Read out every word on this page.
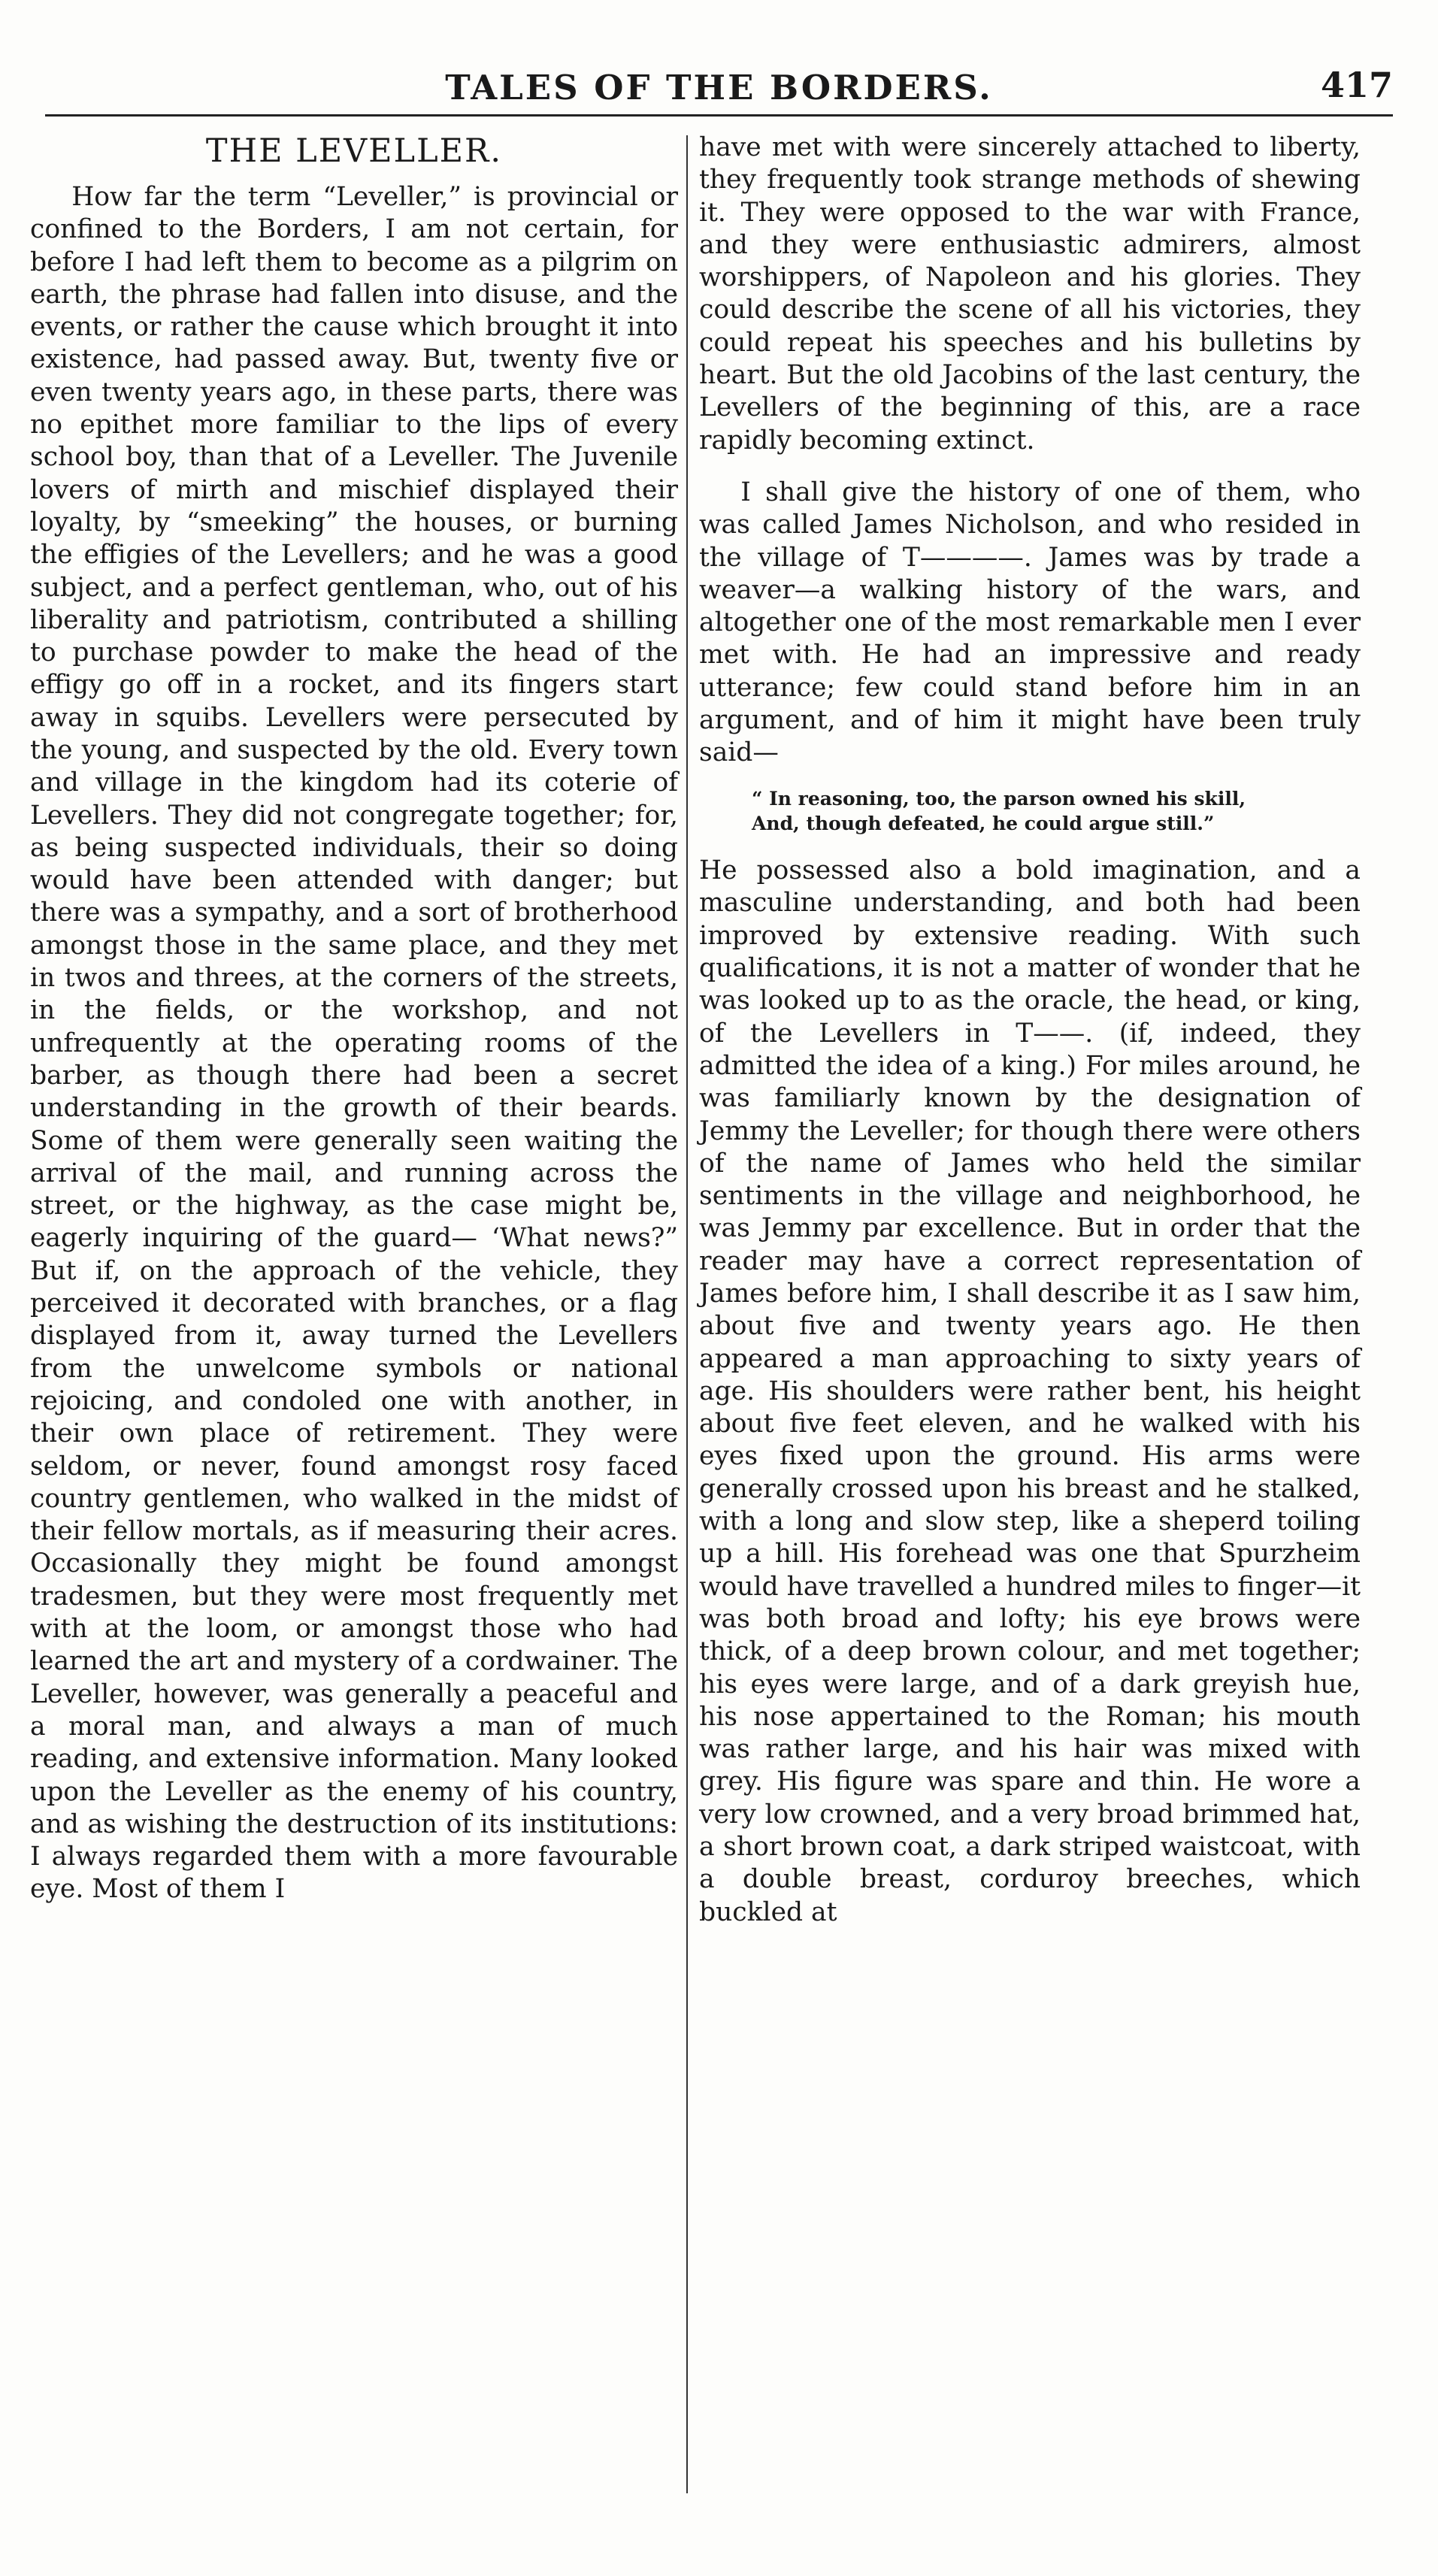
TALES OF THE BORDERS.	417
THE LEVELLER.

How far the term “Leveller,” is provincial or confined to the Borders, I am not certain, for before I had left them to become as a pilgrim on earth, the phrase had fallen into disuse, and the events, or rather the cause which brought it into existence, had passed away. But, twenty five or even twenty years ago, in these parts, there was no epithet more familiar to the lips of every school boy, than that of a Leveller. The Juvenile lovers of mirth and mischief displayed their loyalty, by “smeeking” the houses, or burning the effigies of the Levellers; and he was a good subject, and a perfect gentleman, who, out of his liberality and patriotism, contributed a shilling to purchase powder to make the head of the effigy go off in a rocket, and its fingers start away in squibs. Levellers were persecuted by the young, and suspected by the old. Every town and village in the kingdom had its coterie of Levellers. They did not congregate together; for, as being suspected individuals, their so doing would have been attended with danger; but there was a sympathy, and a sort of brotherhood amongst those in the same place, and they met in twos and threes, at the corners of the streets, in the fields, or the workshop, and not unfrequently at the operating rooms of the barber, as though there had been a secret understanding in the growth of their beards. Some of them were generally seen waiting the arrival of the mail, and running across the street, or the highway, as the case might be, eagerly inquiring of the guard— ‘What news?” But if, on the approach of the vehicle, they perceived it decorated with branches, or a flag displayed from it, away turned the Levellers from the unwelcome symbols or national rejoicing, and condoled one with another, in their own place of retirement. They were seldom, or never, found amongst rosy faced country gentlemen, who walked in the midst of their fellow mortals, as if measuring their acres. Occasionally they might be found amongst tradesmen, but they were most frequently met with at the loom, or amongst those who had learned the art and mystery of a cordwainer. The Leveller, however, was generally a peaceful and a moral man, and always a man of much reading, and extensive information. Many looked upon the Leveller as the enemy of his country, and as wishing the destruction of its institutions: I always regarded them with a more favourable eye. Most of them I

have met with were sincerely attached to liberty, they frequently took strange methods of shewing it. They were opposed to the war with France, and they were enthusiastic admirers, almost worshippers, of Napoleon and his glories. They could describe the scene of all his victories, they could repeat his speeches and his bulletins by heart. But the old Jacobins of the last century, the Levellers of the beginning of this, are a race rapidly becoming extinct.

I shall give the history of one of them, who was called James Nicholson, and who resided in the village of T————. James was by trade a weaver—a walking history of the wars, and altogether one of the most remarkable men I ever met with. He had an impressive and ready utterance; few could stand before him in an argument, and of him it might have been truly said—

“ In reasoning, too, the parson owned his skill,
And, though defeated, he could argue still.”

He possessed also a bold imagination, and a masculine understanding, and both had been improved by extensive reading. With such qualifications, it is not a matter of wonder that he was looked up to as the oracle, the head, or king, of the Levellers in T——. (if, indeed, they admitted the idea of a king.) For miles around, he was familiarly known by the designation of Jemmy the Leveller; for though there were others of the name of James who held the similar sentiments in the village and neighborhood, he was Jemmy par excellence. But in order that the reader may have a correct representation of James before him, I shall describe it as I saw him, about five and twenty years ago. He then appeared a man approaching to sixty years of age. His shoulders were rather bent, his height about five feet eleven, and he walked with his eyes fixed upon the ground. His arms were generally crossed upon his breast and he stalked, with a long and slow step, like a sheperd toiling up a hill. His forehead was one that Spurzheim would have travelled a hundred miles to finger—it was both broad and lofty; his eye brows were thick, of a deep brown colour, and met together; his eyes were large, and of a dark greyish hue, his nose appertained to the Roman; his mouth was rather large, and his hair was mixed with grey. His figure was spare and thin. He wore a very low crowned, and a very broad brimmed hat, a short brown coat, a dark striped waistcoat, with a double breast, corduroy breeches, which buckled at
